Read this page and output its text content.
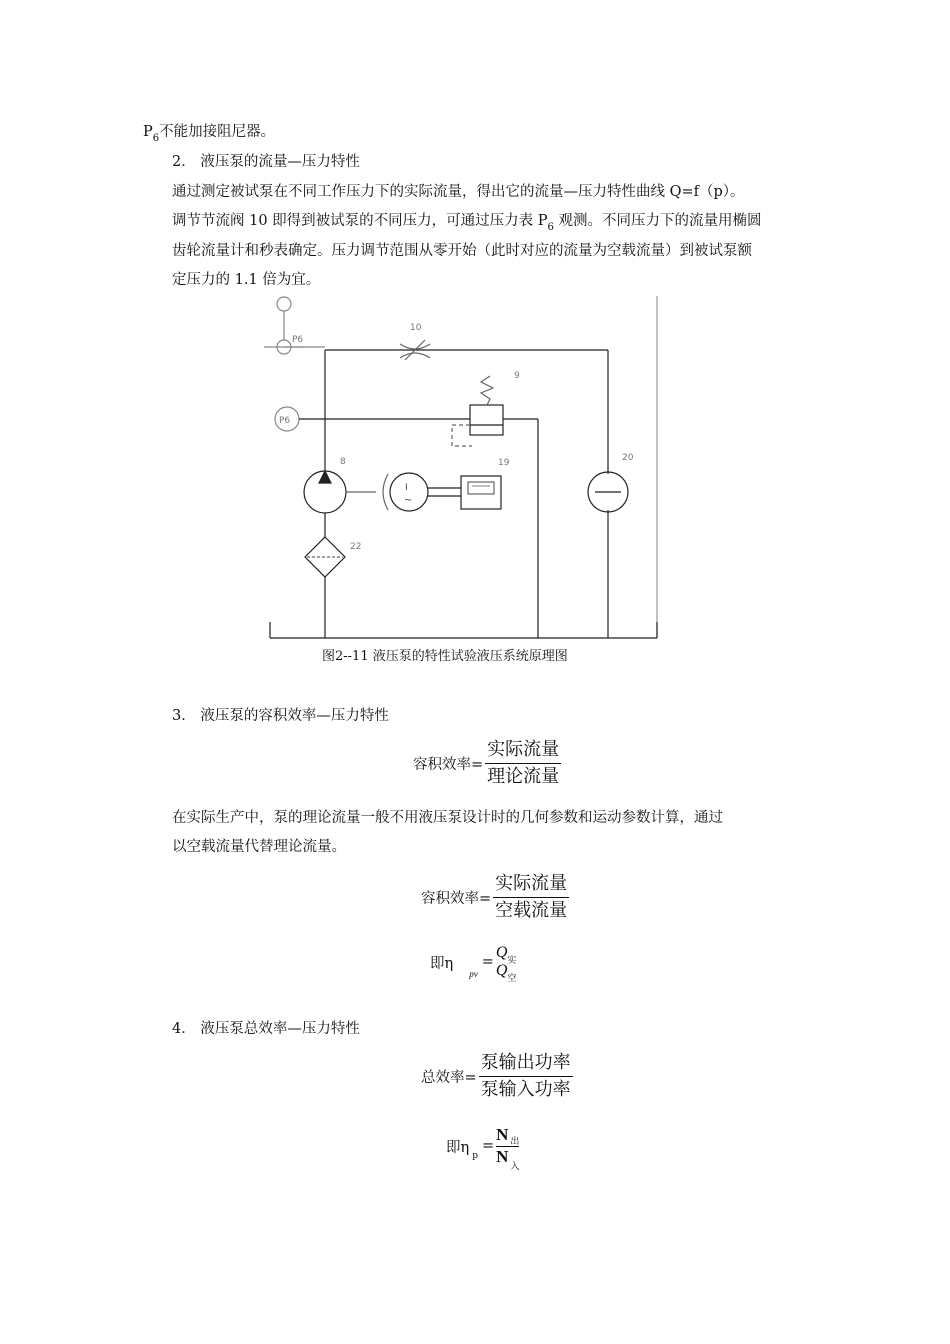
$P_6$不能加接阻尼器。
2． 液压泵的流量—压力特性
通过测定被试泵在不同工作压力下的实际流量，得出它的流量—压力特性曲线 Q=f（p）。
调节节流阀 10 即得到被试泵的不同压力，可通过压力表 $P_6$ 观测。不同压力下的流量用椭圆
齿轮流量计和秒表确定。压力调节范围从零开始（此时对应的流量为空载流量）到被试泵额
定压力的 1.1 倍为宜。
P6
10
P6
9
8
I
~
19	20
22
图2--11 液压泵的特性试验液压系统原理图
3． 液压泵的容积效率—压力特性
容积效率= $\frac{\text{实际流量}}{\text{理论流量}}$
在实际生产中，泵的理论流量一般不用液压泵设计时的几何参数和运动参数计算，通过
以空载流量代替理论流量。
容积效率= $\frac{\text{实际流量}}{\text{空载流量}}$
即η
pv
=
$Q_实$
$Q_空$
4． 液压泵总效率—压力特性
总效率= $\frac{\text{泵输出功率}}{\text{泵输入功率}}$
即η
p
=
N $_出$
$N_入$
